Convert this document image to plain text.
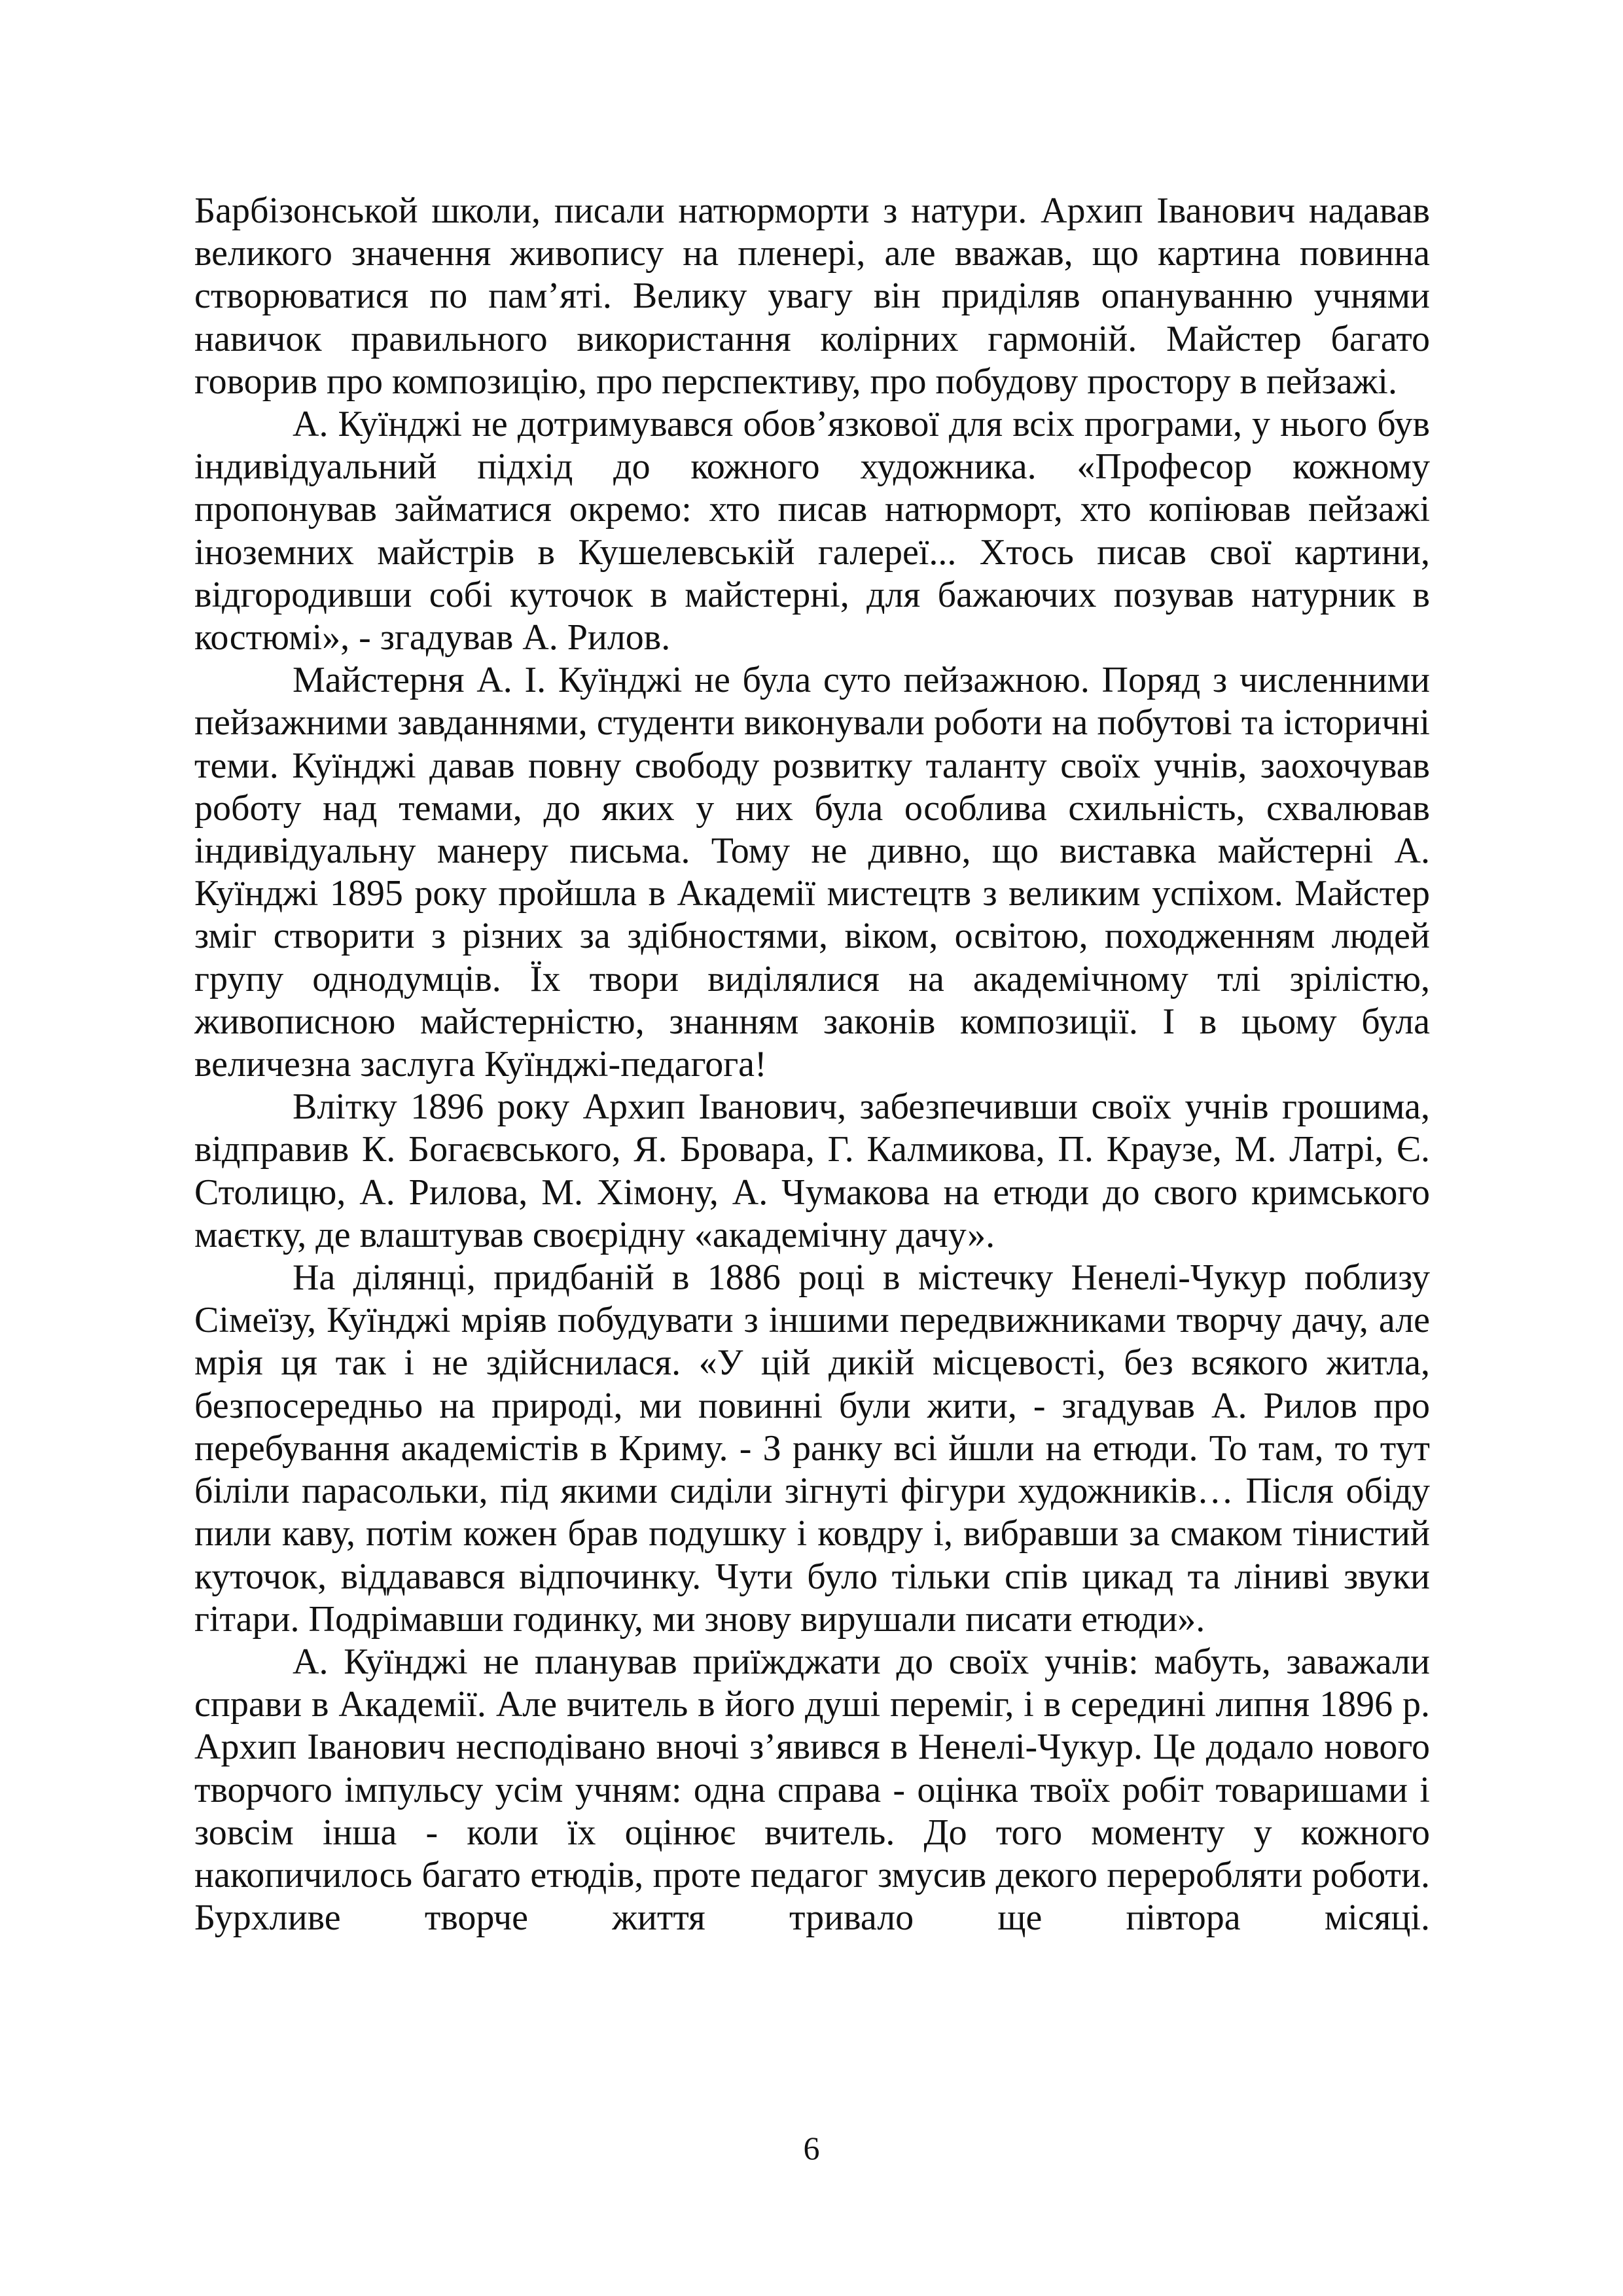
Барбізонськой школи, писали натюрморти з натури. Архип Іванович надавав великого значення живопису на пленері, але вважав, що картина повинна створюватися по пам’яті. Велику увагу він приділяв опануванню учнями навичок правильного використання колірних гармоній. Майстер багато говорив про композицію, про перспективу, про побудову простору в пейзажі.

А. Куїнджі не дотримувався обов’язкової для всіх програми, у нього був індивідуальний підхід до кожного художника. «Професор кожному пропонував займатися окремо: хто писав натюрморт, хто копіював пейзажі іноземних майстрів в Кушелевській галереї... Хтось писав свої картини, відгородивши собі куточок в майстерні, для бажаючих позував натурник в костюмі», - згадував А. Рилов.

Майстерня А. І. Куїнджі не була суто пейзажною. Поряд з численними пейзажними завданнями, студенти виконували роботи на побутові та історичні теми. Куїнджі давав повну свободу розвитку таланту своїх учнів, заохочував роботу над темами, до яких у них була особлива схильність, схвалював індивідуальну манеру письма. Тому не дивно, що виставка майстерні А. Куїнджі 1895 року пройшла в Академії мистецтв з великим успіхом. Майстер зміг створити з різних за здібностями, віком, освітою, походженням людей групу однодумців. Їх твори виділялися на академічному тлі зрілістю, живописною майстерністю, знанням законів композиції. І в цьому була величезна заслуга Куїнджі-педагога!

Влітку 1896 року Архип Іванович, забезпечивши своїх учнів грошима, відправив К. Богаєвського, Я. Бровара, Г. Калмикова, П. Краузе, М. Латрі, Є. Столицю, А. Рилова, М. Хімону, А. Чумакова на етюди до свого кримського маєтку, де влаштував своєрідну «академічну дачу».

На ділянці, придбаній в 1886 році в містечку Ненелі-Чукур поблизу Сімеїзу, Куїнджі мріяв побудувати з іншими передвижниками творчу дачу, але мрія ця так і не здійснилася. «У цій дикій місцевості, без всякого житла, безпосередньо на природі, ми повинні були жити, - згадував А. Рилов про перебування академістів в Криму. - З ранку всі йшли на етюди. То там, то тут біліли парасольки, під якими сиділи зігнуті фігури художників… Після обіду пили каву, потім кожен брав подушку і ковдру і, вибравши за смаком тінистий куточок, віддавався відпочинку. Чути було тільки спів цикад та ліниві звуки гітари. Подрімавши годинку, ми знову вирушали писати етюди».

А. Куїнджі не планував приїжджати до своїх учнів: мабуть, заважали справи в Академії. Але вчитель в його душі переміг, і в середині липня 1896 р. Архип Іванович несподівано вночі з’явився в Ненелі-Чукур. Це додало нового творчого імпульсу усім учням: одна справа - оцінка твоїх робіт товаришами і зовсім інша - коли їх оцінює вчитель. До того моменту у кожного накопичилось багато етюдів, проте педагог змусив декого переробляти роботи. Бурхливе творче життя тривало ще півтора місяці.

6
